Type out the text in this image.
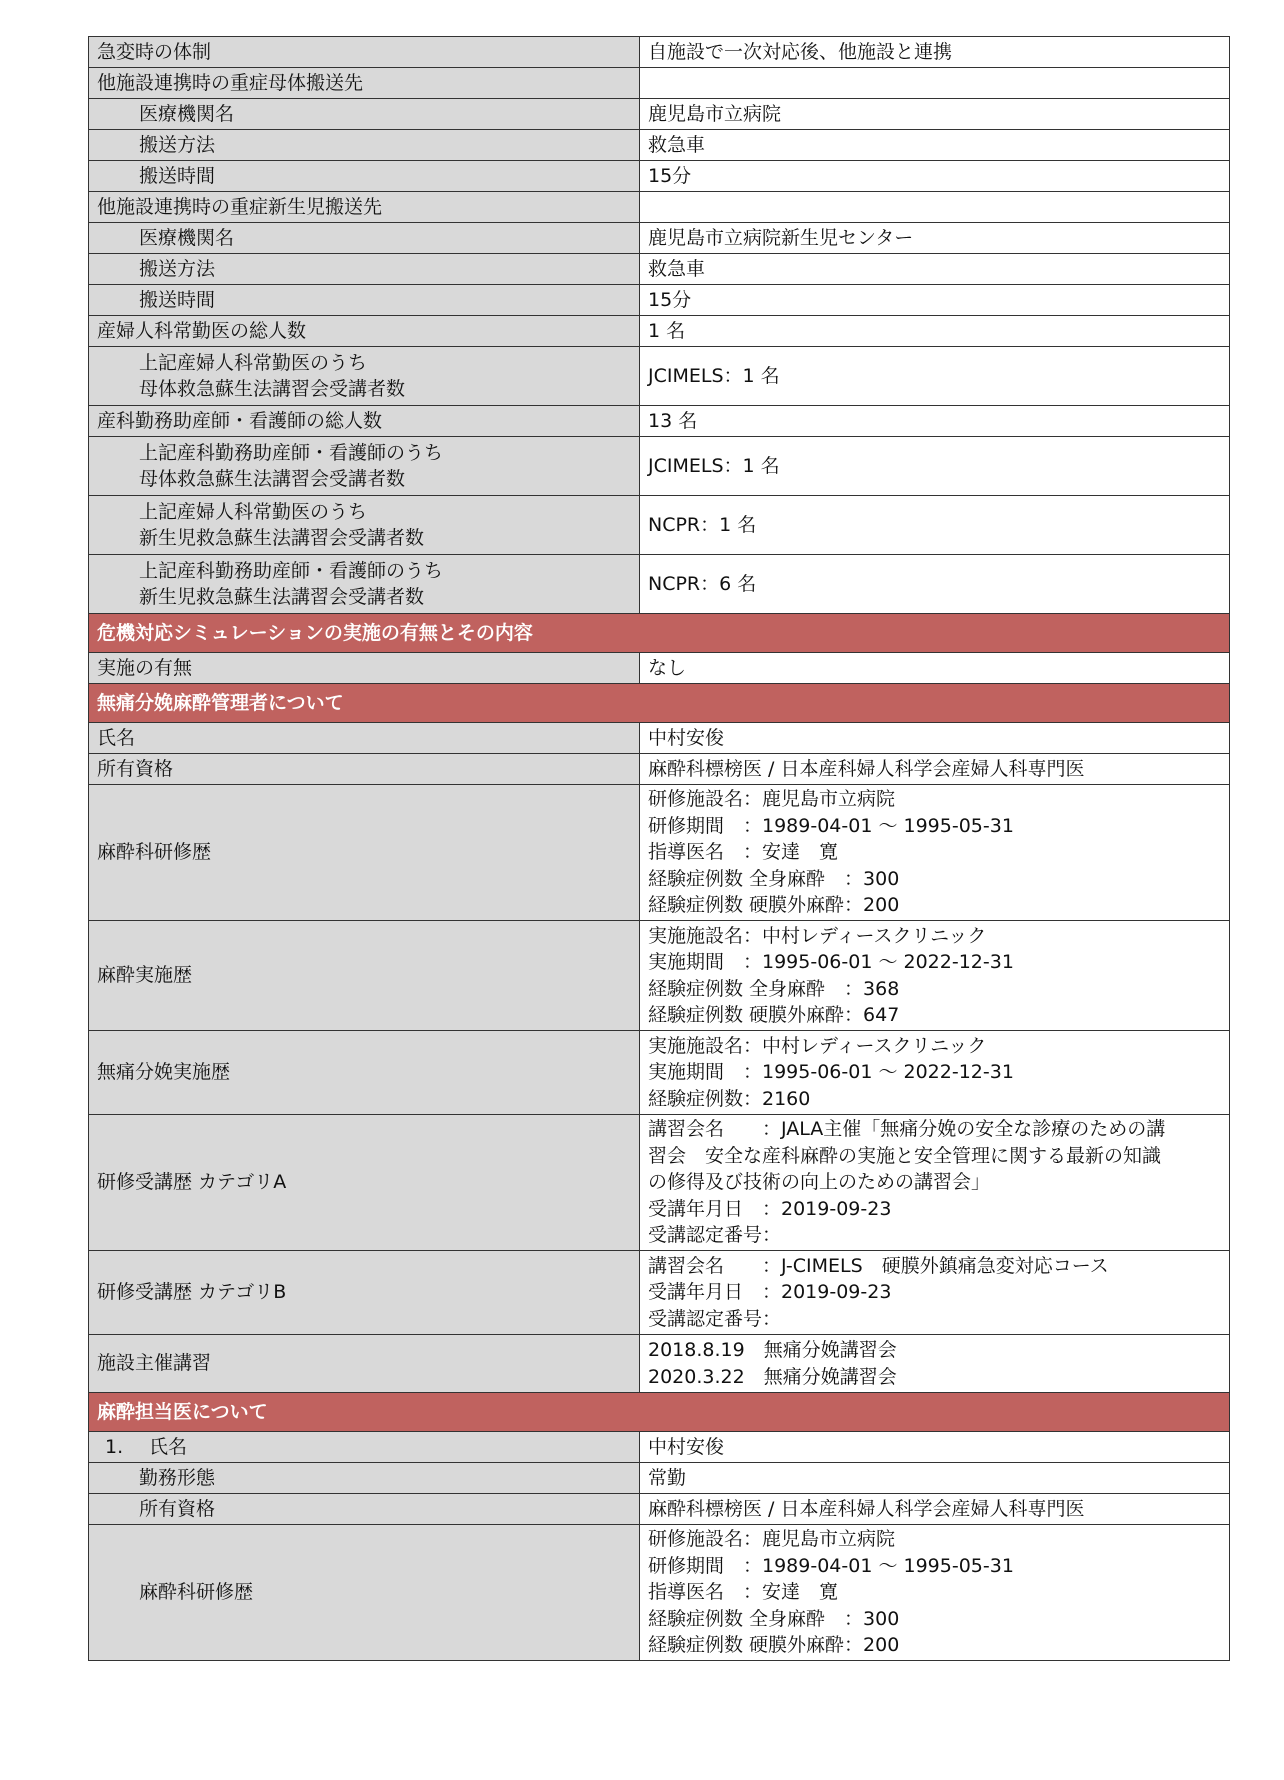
急変時の体制	自施設で一次対応後、他施設と連携
他施設連携時の重症母体搬送先	
医療機関名	鹿児島市立病院
搬送方法	救急車
搬送時間	15分
他施設連携時の重症新生児搬送先	
医療機関名	鹿児島市立病院新生児センター
搬送方法	救急車
搬送時間	15分
産婦人科常勤医の総人数	1 名

上記産婦人科常勤医のうち
母体救急蘇生法講習会受講者数	JCIMELS：1 名
産科勤務助産師・看護師の総人数	13 名

上記産科勤務助産師・看護師のうち
母体救急蘇生法講習会受講者数	JCIMELS：1 名

上記産婦人科常勤医のうち
新生児救急蘇生法講習会受講者数	NCPR：1 名

上記産科勤務助産師・看護師のうち
新生児救急蘇生法講習会受講者数	NCPR：6 名
危機対応シミュレーションの実施の有無とその内容	
実施の有無	なし
無痛分娩麻酔管理者について	
氏名	中村安俊
所有資格	麻酔科標榜医 / 日本産科婦人科学会産婦人科専門医
麻酔科研修歴	研修施設名：鹿児島市立病院
研修期間　：1989-04-01 ～ 1995-05-31
指導医名　：安達　寛
経験症例数 全身麻酔　：300
経験症例数 硬膜外麻酔：200

麻酔実施歴	実施施設名：中村レディースクリニック
実施期間　：1995-06-01 ～ 2022-12-31
経験症例数 全身麻酔　：368
経験症例数 硬膜外麻酔：647

無痛分娩実施歴	実施施設名：中村レディースクリニック
実施期間　：1995-06-01 ～ 2022-12-31
経験症例数：2160

研修受講歴 カテゴリA	講習会名　　：JALA主催「無痛分娩の安全な診療のための講
習会　安全な産科麻酔の実施と安全管理に関する最新の知識
の修得及び技術の向上のための講習会」
受講年月日　：2019-09-23
受講認定番号：

研修受講歴 カテゴリB	講習会名　　：J-CIMELS　硬膜外鎮痛急変対応コース
受講年月日　：2019-09-23
受講認定番号：

施設主催講習	2018.8.19　無痛分娩講習会
2020.3.22　無痛分娩講習会

麻酔担当医について	
1. 氏名	中村安俊
勤務形態	常勤
所有資格	麻酔科標榜医 / 日本産科婦人科学会産婦人科専門医
麻酔科研修歴	研修施設名：鹿児島市立病院
研修期間　：1989-04-01 ～ 1995-05-31
指導医名　：安達　寛
経験症例数 全身麻酔　：300
経験症例数 硬膜外麻酔：200
